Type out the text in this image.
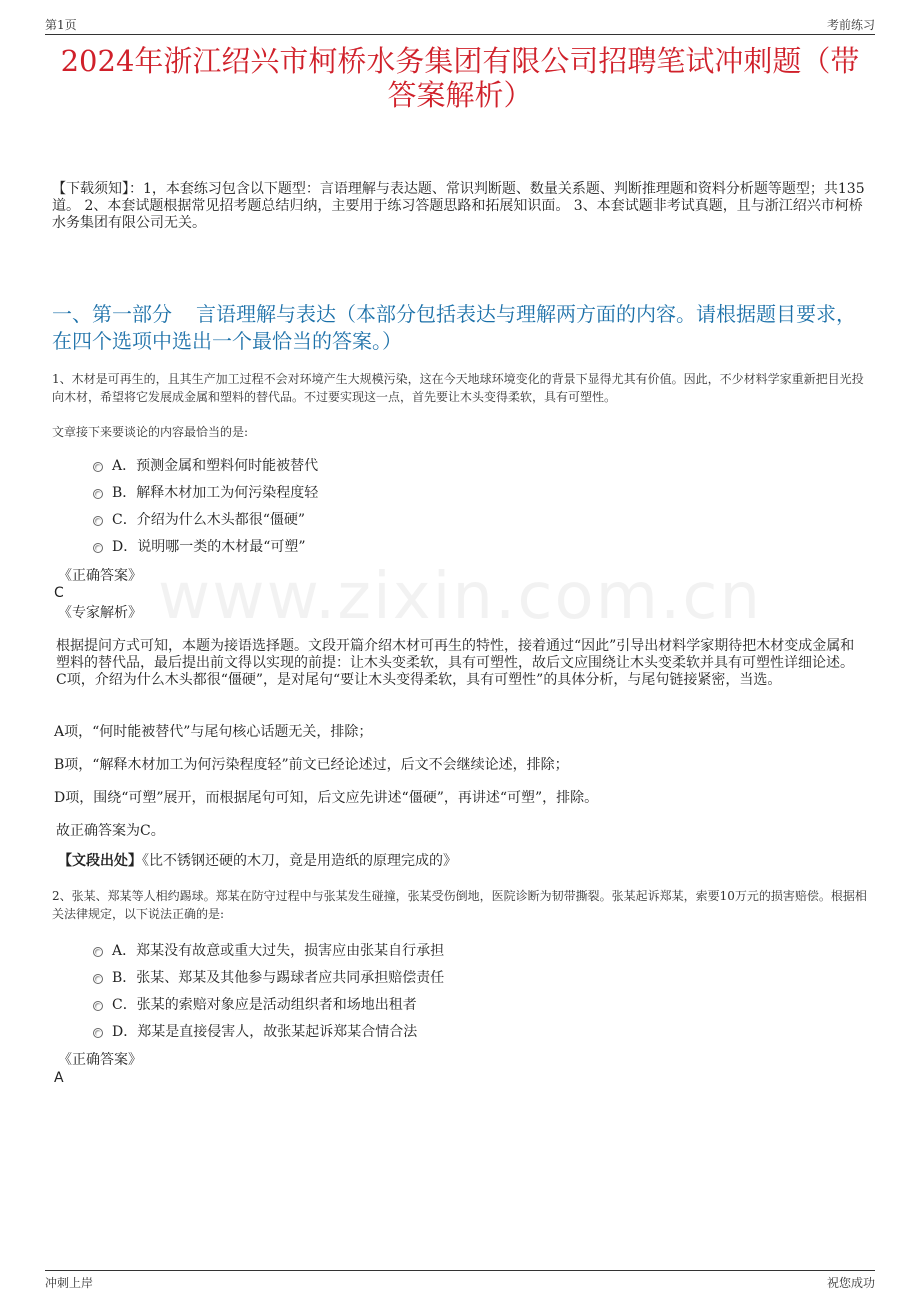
第1页	考前练习
www.zixin.com.cn
2024年浙江绍兴市柯桥水务集团有限公司招聘笔试冲刺题（带答案解析）

【下载须知】：1，本套练习包含以下题型：言语理解与表达题、常识判断题、数量关系题、判断推理题和资料分析题等题型；共135道。 2、本套试题根据常见招考题总结归纳，主要用于练习答题思路和拓展知识面。 3、本套试题非考试真题，且与浙江绍兴市柯桥水务集团有限公司无关。

一、第一部分 言语理解与表达（本部分包括表达与理解两方面的内容。请根据题目要求，在四个选项中选出一个最恰当的答案。）

1、木材是可再生的，且其生产加工过程不会对环境产生大规模污染，这在今天地球环境变化的背景下显得尤其有价值。因此，不少材料学家重新把目光投向木材，希望将它发展成金属和塑料的替代品。不过要实现这一点，首先要让木头变得柔软，具有可塑性。

文章接下来要谈论的内容最恰当的是:

A．预测金属和塑料何时能被替代
B．解释木材加工为何污染程度轻
C．介绍为什么木头都很“僵硬”
D．说明哪一类的木材最“可塑”
《正确答案》
C
《专家解析》

根据提问方式可知，本题为接语选择题。文段开篇介绍木材可再生的特性，接着通过“因此”引导出材料学家期待把木材变成金属和塑料的替代品，最后提出前文得以实现的前提：让木头变柔软，具有可塑性，故后文应围绕让木头变柔软并具有可塑性详细论述。C项，介绍为什么木头都很“僵硬”，是对尾句“要让木头变得柔软，具有可塑性”的具体分析，与尾句链接紧密，当选。

A项，“何时能被替代”与尾句核心话题无关，排除；

B项，“解释木材加工为何污染程度轻”前文已经论述过，后文不会继续论述，排除；

D项，围绕“可塑”展开，而根据尾句可知，后文应先讲述“僵硬”，再讲述“可塑”，排除。

故正确答案为C。

【文段出处】《比不锈钢还硬的木刀，竟是用造纸的原理完成的》

2、张某、郑某等人相约踢球。郑某在防守过程中与张某发生碰撞，张某受伤倒地，医院诊断为韧带撕裂。张某起诉郑某，索要10万元的损害赔偿。根据相关法律规定，以下说法正确的是:

A．郑某没有故意或重大过失，损害应由张某自行承担
B．张某、郑某及其他参与踢球者应共同承担赔偿责任
C．张某的索赔对象应是活动组织者和场地出租者
D．郑某是直接侵害人，故张某起诉郑某合情合法
《正确答案》
A
冲刺上岸	祝您成功
